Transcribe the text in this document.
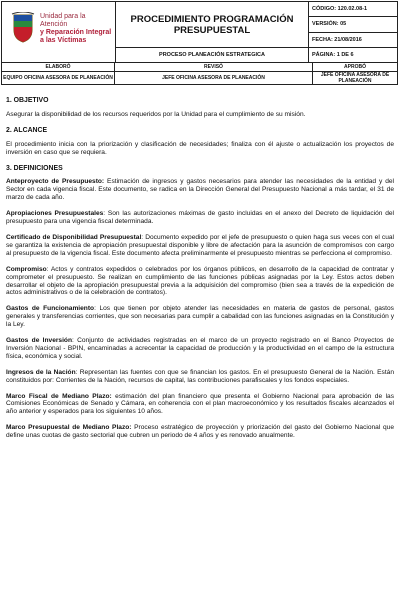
Unidad para la Atención
y Reparación Integral
a las Víctimas	PROCEDIMIENTO PROGRAMACIÓN PRESUPUESTAL	CÓDIGO: 120.02.08-1
		VERSIÓN: 05
		FECHA: 21/08/2016

	PROCESO PLANEACIÓN ESTRATEGICA	PÁGINA: 1 DE 6
ELABORÓ	REVISÓ	APROBÓ
EQUIPO OFICINA ASESORA DE PLANEACIÓN	JEFE OFICINA ASESORA DE PLANEACIÓN	JEFE OFICINA ASESORA DE PLANEACIÓN
1. OBJETIVO

Asegurar la disponibilidad de los recursos requeridos por la Unidad para el cumplimiento de su misión.

2. ALCANCE

El procedimiento inicia con la priorización y clasificación de necesidades; finaliza con él ajuste o actualización los proyectos de inversión en caso que se requiera.

3. DEFINICIONES

Anteproyecto de Presupuesto: Estimación de ingresos y gastos necesarios para atender las necesidades de la entidad y del Sector en cada vigencia fiscal. Este documento, se radica en la Dirección General del Presupuesto Nacional a más tardar, el 31 de marzo de cada año.

Apropiaciones Presupuestales: Son las autorizaciones máximas de gasto incluidas en el anexo del Decreto de liquidación del presupuesto para una vigencia fiscal determinada.

Certificado de Disponibilidad Presupuestal: Documento expedido por el jefe de presupuesto o quien haga sus veces con el cual se garantiza la existencia de apropiación presupuestal disponible y libre de afectación para la asunción de compromisos con cargo al presupuesto de la vigencia fiscal. Este documento afecta preliminarmente el presupuesto mientras se perfecciona el compromiso.

Compromiso: Actos y contratos expedidos o celebrados por los órganos públicos, en desarrollo de la capacidad de contratar y comprometer el presupuesto. Se realizan en cumplimiento de las funciones públicas asignadas por la Ley. Estos actos deben desarrollar el objeto de la apropiación presupuestal previa a la adquisición del compromiso (bien sea a través de la expedición de actos administrativos o de la celebración de contratos).

Gastos de Funcionamiento: Los que tienen por objeto atender las necesidades en materia de gastos de personal, gastos generales y transferencias corrientes, que son necesarias para cumplir a cabalidad con las funciones asignadas en la Constitución y la Ley.

Gastos de Inversión: Conjunto de actividades registradas en el marco de un proyecto registrado en el Banco Proyectos de Inversión Nacional - BPIN, encaminadas a acrecentar la capacidad de producción y la productividad en el campo de la estructura física, económica y social.

Ingresos de la Nación: Representan las fuentes con que se financian los gastos. En el presupuesto General de la Nación. Están constituidos por: Corrientes de la Nación, recursos de capital, las contribuciones parafiscales y los fondos especiales.

Marco Fiscal de Mediano Plazo: estimación del plan financiero que presenta el Gobierno Nacional para aprobación de las Comisiones Económicas de Senado y Cámara, en coherencia con el plan macroeconómico y los resultados fiscales alcanzados el año anterior y esperados para los siguientes 10 años.

Marco Presupuestal de Mediano Plazo: Proceso estratégico de proyección y priorización del gasto del Gobierno Nacional que define unas cuotas de gasto sectorial que cubren un periodo de 4 años y es renovado anualmente.
